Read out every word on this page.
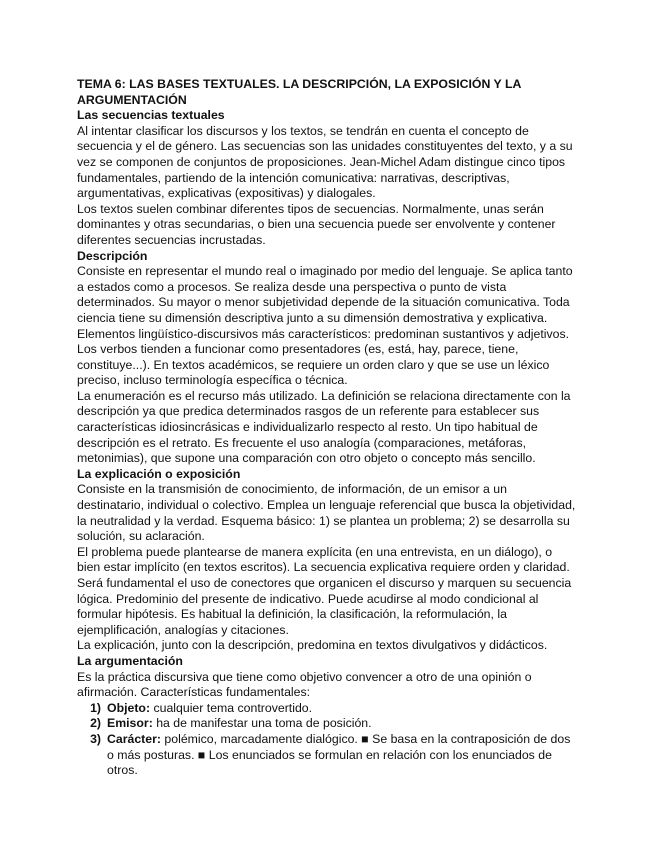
TEMA 6: LAS BASES TEXTUALES. LA DESCRIPCIÓN, LA EXPOSICIÓN Y LA ARGUMENTACIÓN

Las secuencias textuales

Al intentar clasificar los discursos y los textos, se tendrán en cuenta el concepto de secuencia y el de género. Las secuencias son las unidades constituyentes del texto, y a su vez se componen de conjuntos de proposiciones. Jean-Michel Adam distingue cinco tipos fundamentales, partiendo de la intención comunicativa: narrativas, descriptivas, argumentativas, explicativas (expositivas) y dialogales.

Los textos suelen combinar diferentes tipos de secuencias. Normalmente, unas serán dominantes y otras secundarias, o bien una secuencia puede ser envolvente y contener diferentes secuencias incrustadas.

Descripción

Consiste en representar el mundo real o imaginado por medio del lenguaje. Se aplica tanto a estados como a procesos. Se realiza desde una perspectiva o punto de vista determinados. Su mayor o menor subjetividad depende de la situación comunicativa. Toda ciencia tiene su dimensión descriptiva junto a su dimensión demostrativa y explicativa. Elementos lingüístico-discursivos más característicos: predominan sustantivos y adjetivos. Los verbos tienden a funcionar como presentadores (es, está, hay, parece, tiene, constituye...). En textos académicos, se requiere un orden claro y que se use un léxico preciso, incluso terminología específica o técnica.

La enumeración es el recurso más utilizado. La definición se relaciona directamente con la descripción ya que predica determinados rasgos de un referente para establecer sus características idiosincrásicas e individualizarlo respecto al resto. Un tipo habitual de descripción es el retrato. Es frecuente el uso analogía (comparaciones, metáforas, metonimias), que supone una comparación con otro objeto o concepto más sencillo.

La explicación o exposición

Consiste en la transmisión de conocimiento, de información, de un emisor a un destinatario, individual o colectivo. Emplea un lenguaje referencial que busca la objetividad, la neutralidad y la verdad. Esquema básico: 1) se plantea un problema; 2) se desarrolla su solución, su aclaración.

El problema puede plantearse de manera explícita (en una entrevista, en un diálogo), o bien estar implícito (en textos escritos). La secuencia explicativa requiere orden y claridad. Será fundamental el uso de conectores que organicen el discurso y marquen su secuencia lógica. Predominio del presente de indicativo. Puede acudirse al modo condicional al formular hipótesis. Es habitual la definición, la clasificación, la reformulación, la ejemplificación, analogías y citaciones.

La explicación, junto con la descripción, predomina en textos divulgativos y didácticos.

La argumentación

Es la práctica discursiva que tiene como objetivo convencer a otro de una opinión o afirmación. Características fundamentales:

1) Objeto: cualquier tema controvertido.
2) Emisor: ha de manifestar una toma de posición.
3) Carácter: polémico, marcadamente dialógico. ■ Se basa en la contraposición de dos o más posturas. ■ Los enunciados se formulan en relación con los enunciados de otros.
